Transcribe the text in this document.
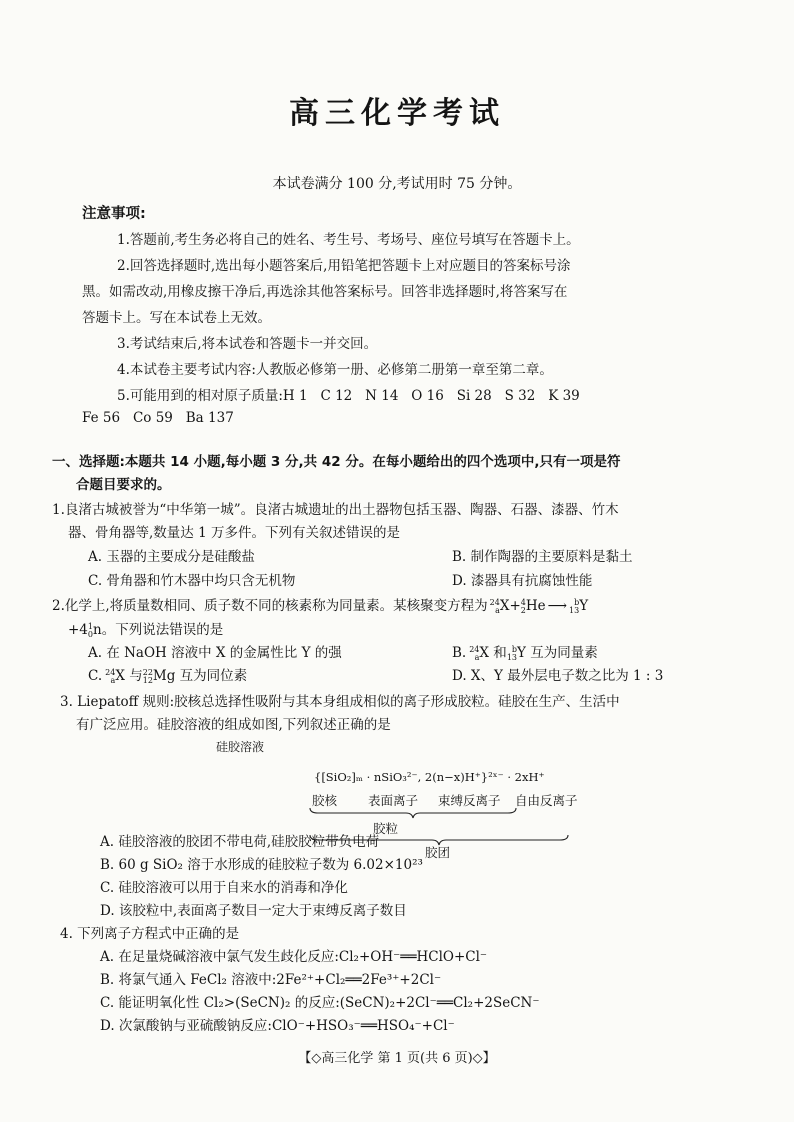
高三化学考试
本试卷满分 100 分,考试用时 75 分钟。
注意事项:
1.答题前,考生务必将自己的姓名、考生号、考场号、座位号填写在答题卡上。
2.回答选择题时,选出每小题答案后,用铅笔把答题卡上对应题目的答案标号涂
黑。如需改动,用橡皮擦干净后,再选涂其他答案标号。回答非选择题时,将答案写在
答题卡上。写在本试卷上无效。
3.考试结束后,将本试卷和答题卡一并交回。
4.本试卷主要考试内容:人教版必修第一册、必修第二册第一章至第二章。
5.可能用到的相对原子质量:H 1   C 12   N 14   O 16   Si 28   S 32   K 39
Fe 56   Co 59   Ba 137
一、选择题:本题共 14 小题,每小题 3 分,共 42 分。在每小题给出的四个选项中,只有一项是符
合题目要求的。
1.良渚古城被誉为“中华第一城”。良渚古城遗址的出土器物包括玉器、陶器、石器、漆器、竹木
器、骨角器等,数量达 1 万多件。下列有关叙述错误的是
A. 玉器的主要成分是硅酸盐	B. 制作陶器的主要原料是黏土
C. 骨角器和竹木器中均只含无机物	D. 漆器具有抗腐蚀性能
2.化学上,将质量数相同、质子数不同的核素称为同量素。某核聚变方程为 24
aX+4
2He ⟶ b
13Y
+41
0n。下列说法错误的是
A. 在 NaOH 溶液中 X 的金属性比 Y 的强	B. 24
aX 和 b
13Y 互为同量素
C. 24
aX 与22
12Mg 互为同位素	D. X、Y 最外层电子数之比为 1 : 3
3. Liepatoff 规则:胶核总选择性吸附与其本身组成相似的离子形成胶粒。硅胶在生产、生活中
有广泛应用。硅胶溶液的组成如图,下列叙述正确的是
硅胶溶液
{[SiO₂]ₘ · nSiO₃²⁻, 2(n−x)H⁺}²ˣ⁻ · 2xH⁺
胶核 表面离子 束缚反离子 自由反离子
胶粒
胶团
A. 硅胶溶液的胶团不带电荷,硅胶胶粒带负电荷
B. 60 g SiO₂ 溶于水形成的硅胶粒子数为 6.02×10²³
C. 硅胶溶液可以用于自来水的消毒和净化
D. 该胶粒中,表面离子数目一定大于束缚反离子数目
4. 下列离子方程式中正确的是
A. 在足量烧碱溶液中氯气发生歧化反应:Cl₂+OH⁻══HClO+Cl⁻
B. 将氯气通入 FeCl₂ 溶液中:2Fe²⁺+Cl₂══2Fe³⁺+2Cl⁻
C. 能证明氧化性 Cl₂>(SeCN)₂ 的反应:(SeCN)₂+2Cl⁻══Cl₂+2SeCN⁻
D. 次氯酸钠与亚硫酸钠反应:ClO⁻+HSO₃⁻══HSO₄⁻+Cl⁻
【◇高三化学 第 1 页(共 6 页)◇】
